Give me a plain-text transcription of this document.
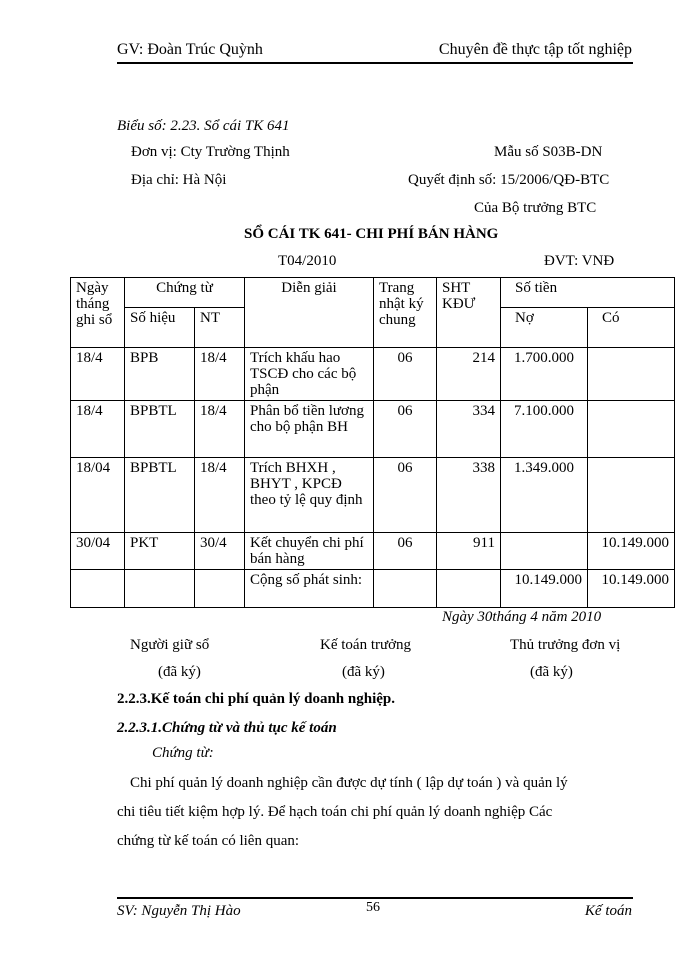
GV: Đoàn Trúc Quỳnh	Chuyên đề thực tập tốt nghiệp
Biểu số: 2.23. Sổ cái TK 641
Đơn vị: Cty Trường Thịnh	Mẫu số S03B-DN
Địa chỉ: Hà Nội	Quyết định số: 15/2006/QĐ-BTC
Của Bộ trưởng BTC
SỔ CÁI TK 641- CHI PHÍ BÁN HÀNG
T04/2010	ĐVT: VNĐ
Ngày tháng ghi sổ	Chứng từ		Diễn giải	Trang nhật ký chung	SHT KĐƯ	Số tiền	
	Số hiệu	NT				Nợ	Có
18/4	BPB	18/4	Trích khấu hao TSCĐ cho các bộ phận	06	214	1.700.000	
18/4	BPBTL	18/4	Phân bổ tiền lương cho bộ phận BH	06	334	7.100.000	
18/04	BPBTL	18/4	Trích BHXH , BHYT , KPCĐ theo tỷ lệ quy định	06	338	1.349.000	
30/04	PKT	30/4	Kết chuyển chi phí bán hàng	06	911		10.149.000
			Cộng số phát sinh:			10.149.000	10.149.000
Ngày 30tháng 4 năm 2010
Người giữ sổ
(đã ký)
Kế toán trưởng
(đã ký)
Thủ trưởng đơn vị
(đã ký)
2.2.3.Kế toán chi phí quản lý doanh nghiệp.
2.2.3.1.Chứng từ và thủ tục kế toán
Chứng từ:
Chi phí quản lý doanh nghiệp cần được dự tính ( lập dự toán ) và quản lý
chi tiêu tiết kiệm hợp lý. Để hạch toán chi phí quản lý doanh nghiệp Các
chứng từ kế toán có liên quan:
SV: Nguyễn Thị Hào	56	Kế toán
